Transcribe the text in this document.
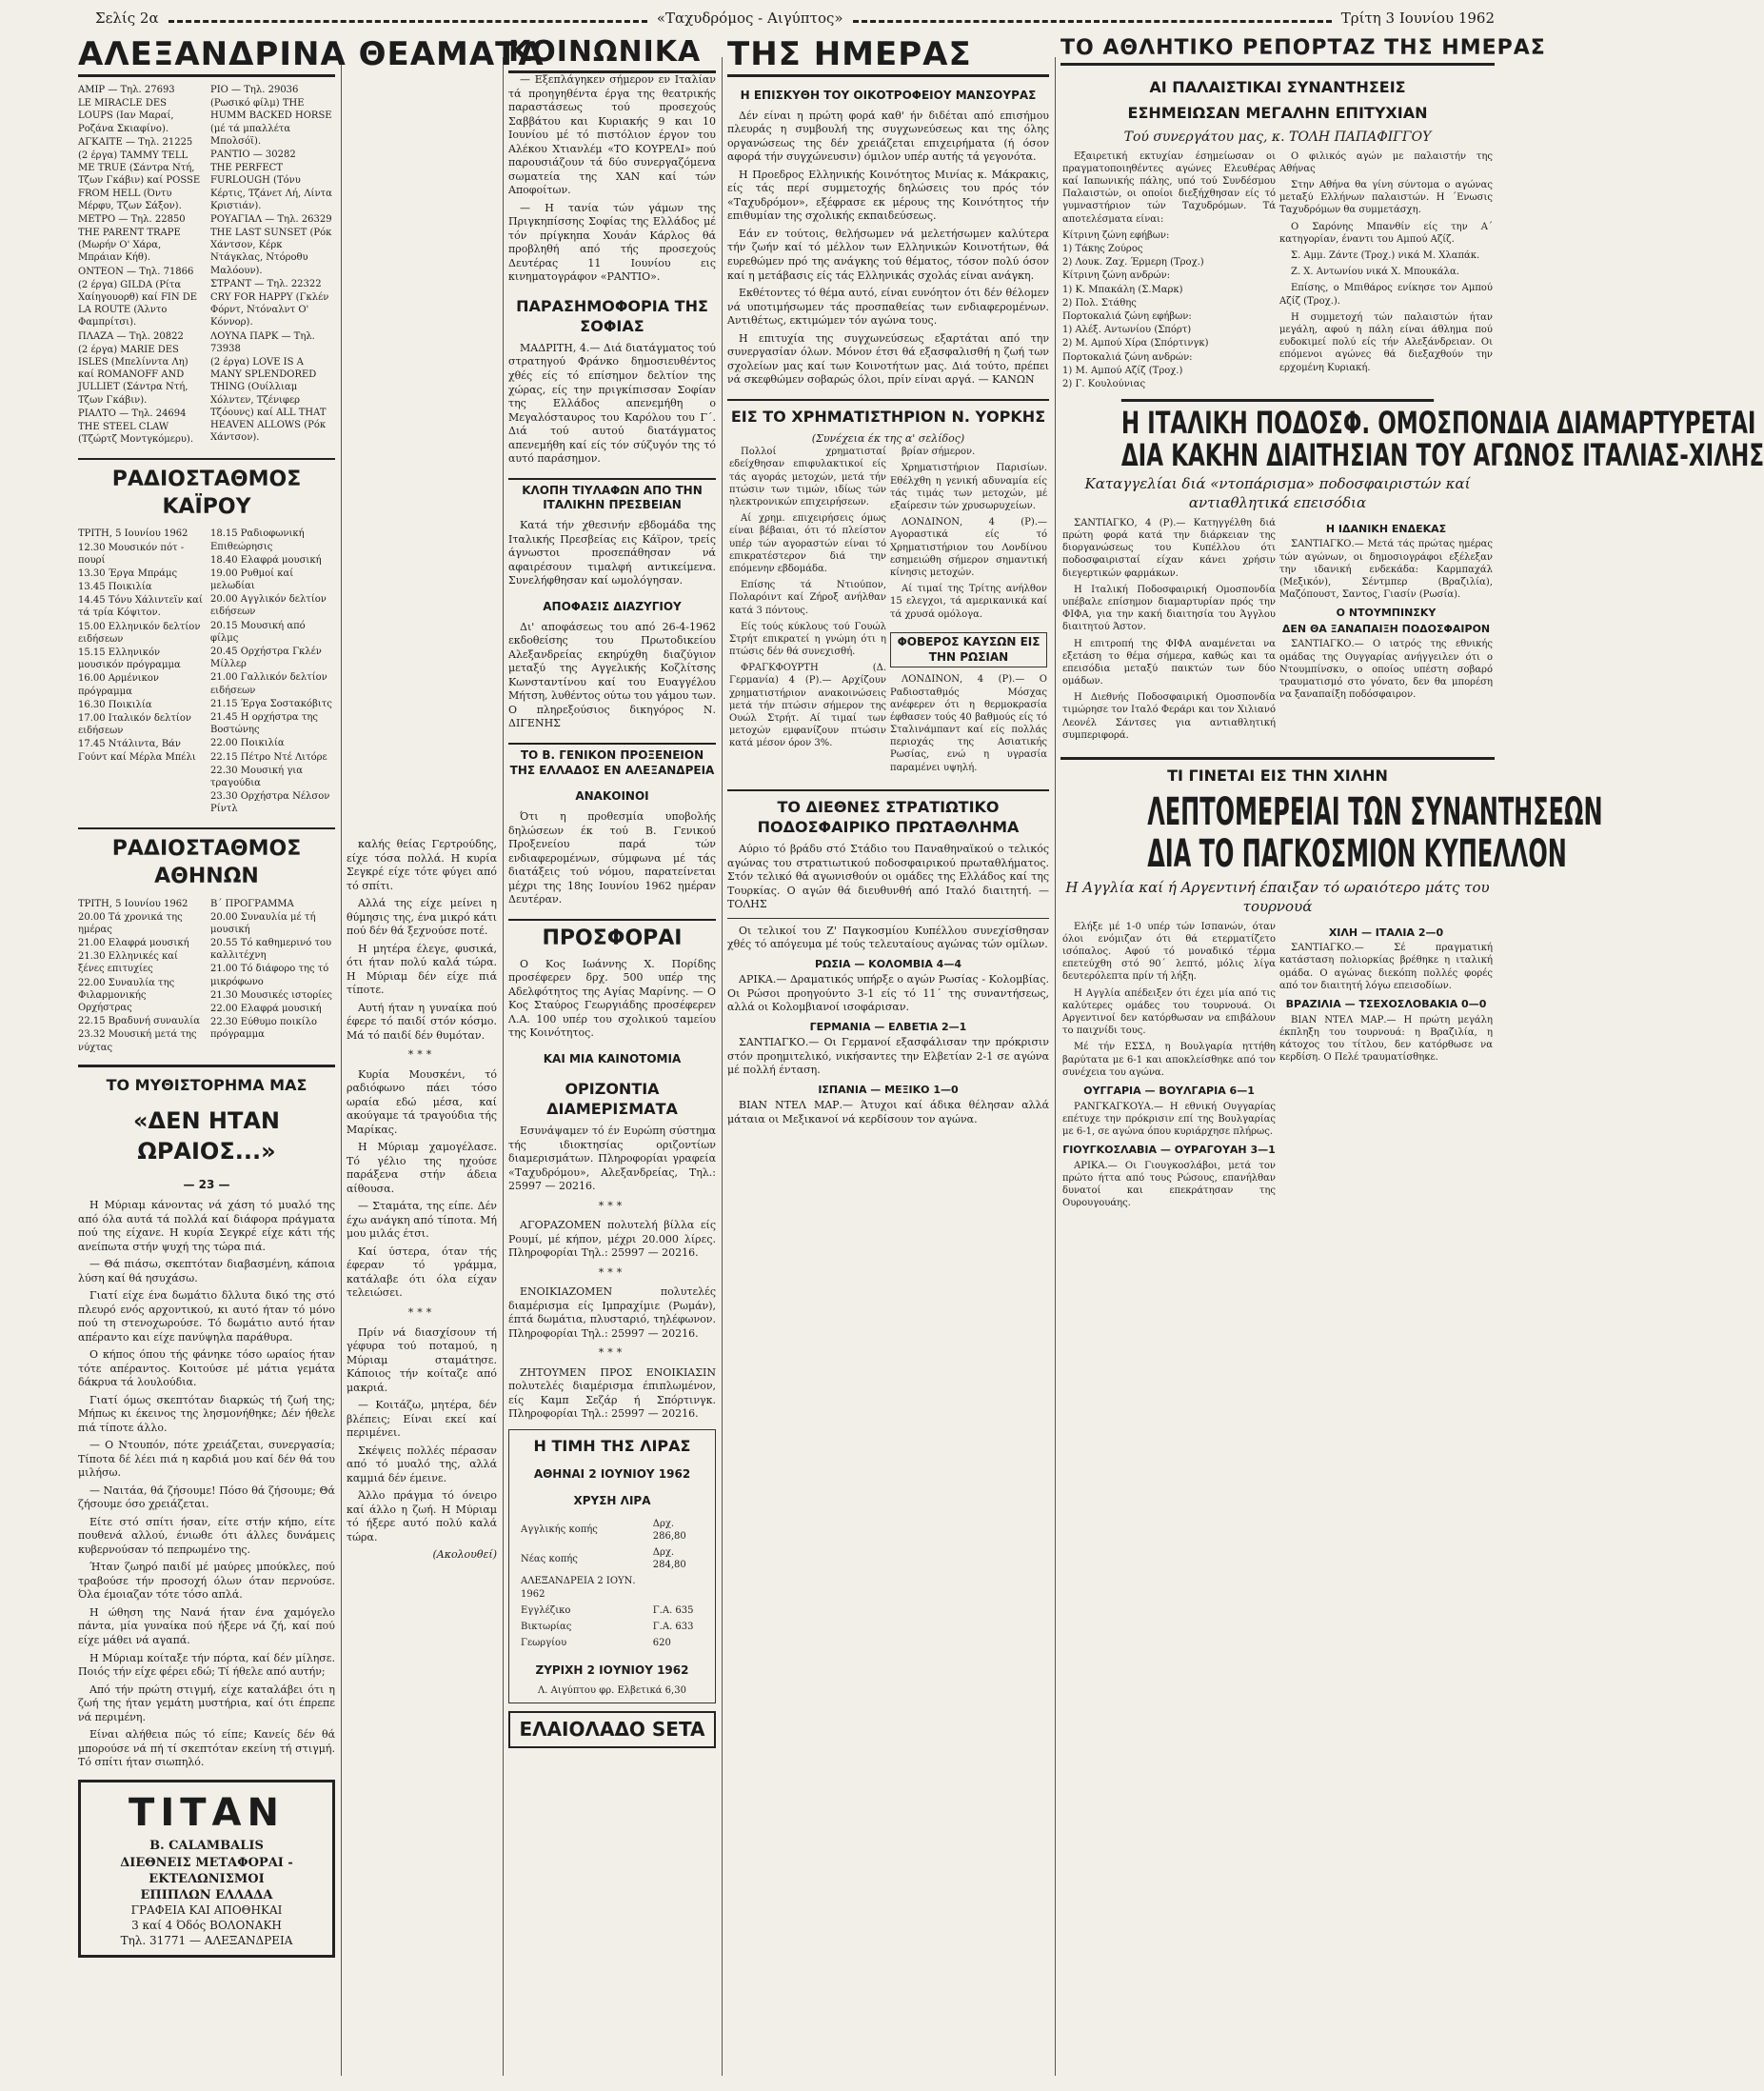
Σελίς 2α	«Ταχυδρόμος - Αιγύπτος»	Τρίτη 3 Ιουνίου 1962
ΑΛΕΞΑΝΔΡΙΝΑ ΘΕΑΜΑΤΑ
AMIP — Τηλ. 27693
LE MIRACLE DES LOUPS (Ιαν Μαραί, Ροζάνα Σκιαφίνο).
ΑΓΚΑΙΤΕ — Τηλ. 21225
(2 έργα) TAMMY TELL ME TRUE (Σάντρα Ντή, Τζων Γκάβιν) καί POSSE FROM HELL (Όντυ Μέρφυ, Τζων Σάξον).
ΜΕΤΡΟ — Τηλ. 22850
THE PARENT TRAPE (Μωρήν Ο' Χάρα, Μπράιαν Κήθ).
ΟΝΤΕΟΝ — Τηλ. 71866
(2 έργα) GILDA (Ρίτα Χαίηγουορθ) καί FIN DE LA ROUTE (Άλντο Φαμπρίτσι).
ΠΛΑΖΑ — Τηλ. 20822
(2 έργα) MARIE DES ISLES (Μπελίνντα Λη) καί ROMANOFF AND JULLIET (Σάντρα Ντή, Τζων Γκάβιν).
ΡΙΑΛΤΟ — Τηλ. 24694
THE STEEL CLAW (Τζώρτζ Μοντγκόμερυ).
ΡΙΟ — Τηλ. 29036
(Ρωσικό φίλμ) THE HUMM BACKED HORSE (μέ τά μπαλλέτα Μπολσόϊ).
ΡΑΝΤΙΟ — 30282
THE PERFECT FURLOUGH (Τόνυ Κέρτις, Τζάνετ Λή, Λίντα Κριστιάν).
ΡΟΥΑΓΙΑΛ — Τηλ. 26329
THE LAST SUNSET (Ρόκ Χάντσον, Κέρκ Ντάγκλας, Ντόροθυ Μαλόουν).
ΣΤΡΑΝΤ — Τηλ. 22322
CRY FOR HAPPY (Γκλέν Φόρντ, Ντόναλντ Ο' Κόννορ).
ΛΟΥΝΑ ΠΑΡΚ — Τηλ. 73938
(2 έργα) LOVE IS A MANY SPLENDORED THING (Ουίλλιαμ Χόλντεν, Τζένιφερ Τζόουνς) καί ALL THAT HEAVEN ALLOWS (Ρόκ Χάντσον).
ΡΑΔΙΟΣΤΑΘΜΟΣ ΚΑΪΡΟΥ
ΤΡΙΤΗ, 5 Ιουνίου 1962
12.30 Μουσικόν πότ - πουρί
13.30 Έργα Μπράμς
13.45 Ποικιλία
14.45 Τόνυ Χάλιντεϊν καί τά τρία Κόψιτον.
15.00 Ελληνικόν δελτίον ειδήσεων
15.15 Ελληνικόν μουσικόν πρόγραμμα
16.00 Αρμένικον πρόγραμμα
16.30 Ποικιλία
17.00 Ιταλικόν δελτίον ειδήσεων
17.45 Ντάλιντα, Βάν Γούντ καί Μέρλα Μπέλι
18.15 Ραδιοφωνική Επιθεώρησις
18.40 Ελαφρά μουσική
19.00 Ρυθμοί καί μελωδίαι
20.00 Αγγλικόν δελτίον ειδήσεων
20.15 Μουσική από φίλμς
20.45 Ορχήστρα Γκλέν Μίλλερ
21.00 Γαλλικόν δελτίον ειδήσεων
21.15 Έργα Σοστακόβιτς
21.45 Η ορχήστρα της Βοστώνης
22.00 Ποικιλία
22.15 Πέτρο Ντέ Λιτόρε
22.30 Μουσική για τραγούδια
23.30 Ορχήστρα Νέλσον Ρίντλ
ΡΑΔΙΟΣΤΑΘΜΟΣ ΑΘΗΝΩΝ
ΤΡΙΤΗ, 5 Ιουνίου 1962
20.00 Τά χρονικά της ημέρας
21.00 Ελαφρά μουσική
21.30 Ελληνικές καί ξένες επιτυχίες
22.00 Συναυλία της Φιλαρμονικής Ορχήστρας
22.15 Βραδυνή συναυλία
23.32 Μουσική μετά της νύχτας
Β΄ ΠΡΟΓΡΑΜΜΑ
20.00 Συναυλία μέ τή μουσική
20.55 Τό καθημερινό του καλλιτέχνη
21.00 Τό διάφορο της τό μικρόφωνο
21.30 Μουσικές ιστορίες
22.00 Ελαφρά μουσική
22.30 Εύθυμο ποικίλο πρόγραμμα
ΤΟ ΜΥΘΙΣΤΟΡΗΜΑ ΜΑΣ
«ΔΕΝ ΗΤΑΝ ΩΡΑΙΟΣ...»
— 23 —

Η Μύριαμ κάνοντας νά χάση τό μυαλό της από όλα αυτά τά πολλά καί διάφορα πράγματα πού της είχανε. Η κυρία Σεγκρέ είχε κάτι τής ανείπωτα στήν ψυχή της τώρα πιά.

— Θά πιάσω, σκεπτόταν διαβασμένη, κάποια λύση καί θά ησυχάσω.

Γιατί είχε ένα δωμάτιο δλλυτα δικό της στό πλευρό ενός αρχοντικού, κι αυτό ήταν τό μόνο πού τη στενοχωρούσε. Τό δωμάτιο αυτό ήταν απέραντο και είχε πανύψηλα παράθυρα.

Ο κήπος όπου τής φάνηκε τόσο ωραίος ήταν τότε απέραντος. Κοιτούσε μέ μάτια γεμάτα δάκρυα τά λουλούδια.

Γιατί όμως σκεπτόταν διαρκώς τή ζωή της; Μήπως κι έκεινος της λησμονήθηκε; Δέν ήθελε πιά τίποτε άλλο.

— Ο Ντουπόν, πότε χρειάζεται, συνεργασία; Τίποτα δέ λέει πιά η καρδιά μου καί δέν θά του μιλήσω.

— Ναιτάα, θά ζήσουμε! Πόσο θά ζήσουμε; Θά ζήσουμε όσο χρειάζεται.

Είτε στό σπίτι ήσαν, είτε στήν κήπο, είτε πουθενά αλλού, ένιωθε ότι άλλες δυνάμεις κυβερνούσαν τό πεπρωμένο της.

Ήταν ζωηρό παιδί μέ μαύρες μπούκλες, πού τραβούσε τήν προσοχή όλων όταν περνούσε. Όλα έμοιαζαν τότε τόσο απλά.

Η ώθηση της Νανά ήταν ένα χαμόγελο πάντα, μία γυναίκα πού ήξερε νά ζή, καί πού είχε μάθει νά αγαπά.

Η Μύριαμ κοίταξε τήν πόρτα, καί δέν μίλησε. Ποιός τήν είχε φέρει εδώ; Τί ήθελε από αυτήν;

Από τήν πρώτη στιγμή, είχε καταλάβει ότι η ζωή της ήταν γεμάτη μυστήρια, καί ότι έπρεπε νά περιμένη.

Είναι αλήθεια πώς τό είπε; Κανείς δέν θά μπορούσε νά πή τί σκεπτόταν εκείνη τή στιγμή. Τό σπίτι ήταν σιωπηλό.

ΤΙΤΑΝ
B. CALAMBALIS
ΔΙΕΘΝΕΙΣ ΜΕΤΑΦΟΡΑΙ - ΕΚΤΕΛΩΝΙΣΜΟΙ
ΕΠΙΠΛΩΝ ΕΛΛΑΔΑ
ΓΡΑΦΕΙΑ ΚΑΙ ΑΠΟΘΗΚΑΙ
3 καί 4 Όδός ΒΟΛΟΝΑΚΗ
Τηλ. 31771 — ΑΛΕΞΑΝΔΡΕΙΑ

καλής θείας Γερτρούδης, είχε τόσα πολλά. Η κυρία Σεγκρέ είχε τότε φύγει από τό σπίτι.

Αλλά της είχε μείνει η θύμησις της, ένα μικρό κάτι πού δέν θά ξεχνούσε ποτέ.

Η μητέρα έλεγε, φυσικά, ότι ήταν πολύ καλά τώρα. Η Μύριαμ δέν είχε πιά τίποτε.

Αυτή ήταν η γυναίκα πού έφερε τό παιδί στόν κόσμο. Μά τό παιδί δέν θυμόταν.

***

Κυρία Μουσκένι, τό ραδιόφωνο πάει τόσο ωραία εδώ μέσα, καί ακούγαμε τά τραγούδια τής Μαρίκας.

Η Μύριαμ χαμογέλασε. Τό γέλιο της ηχούσε παράξενα στήν άδεια αίθουσα.

— Σταμάτα, της είπε. Δέν έχω ανάγκη από τίποτα. Μή μου μιλάς έτσι.

Καί ύστερα, όταν τής έφεραν τό γράμμα, κατάλαβε ότι όλα είχαν τελειώσει.

***

Πρίν νά διασχίσουν τή γέφυρα τού ποταμού, η Μύριαμ σταμάτησε. Κάποιος τήν κοίταζε από μακριά.

— Κοιτάζω, μητέρα, δέν βλέπεις; Είναι εκεί καί περιμένει.

Σκέψεις πολλές πέρασαν από τό μυαλό της, αλλά καμμιά δέν έμεινε.

Άλλο πράγμα τό όνειρο καί άλλο η ζωή. Η Μύριαμ τό ήξερε αυτό πολύ καλά τώρα.

(Ακολουθεί)
ΚΟΙΝΩΝΙΚΑ

— Εξεπλάγηκεν σήμερον εν Ιταλίαν τά προηγηθέντα έργα της θεατρικής παραστάσεως τού προσεχούς Σαββάτου και Κυριακής 9 και 10 Ιουνίου μέ τό πιστόλιον έργον του Αλέκου Χτιανλέμ «ΤΟ ΚΟΥΡΕΛΙ» πού παρουσιάζουν τά δύο συνεργαζόμενα σωματεία της ΧΑΝ καί τών Αποφοίτων.

— Η τανία τών γάμων της Πριγκηπίσσης Σοφίας της Ελλάδος μέ τόν πρίγκηπα Χουάν Κάρλος θά προβληθή από τής προσεχούς Δευτέρας 11 Ιουνίου εις κινηματογράφον «ΡΑΝΤΙΟ».

ΠΑΡΑΣΗΜΟΦΟΡΙΑ ΤΗΣ ΣΟΦΙΑΣ

ΜΑΔΡΙΤΗ, 4.— Διά διατάγματος τού στρατηγού Φράνκο δημοσιευθέντος χθές είς τό επίσημον δελτίον της χώρας, είς την πριγκίπισσαν Σοφίαν της Ελλάδος απενεμήθη ο Μεγαλόσταυρος του Καρόλου του Γ΄. Διά τού αυτού διατάγματος απενεμήθη καί είς τόν σύζυγόν της τό αυτό παράσημον.

ΚΛΟΠΗ ΤΙΥΛΑΦΩΝ ΑΠΟ ΤΗΝ ΙΤΑΛΙΚΗΝ ΠΡΕΣΒΕΙΑΝ

Κατά τήν χθεσινήν εβδομάδα της Ιταλικής Πρεσβείας εις Κάϊρον, τρείς άγνωστοι προσεπάθησαν νά αφαιρέσουν τιμαλφή αντικείμενα. Συνελήφθησαν καί ωμολόγησαν.

ΑΠΟΦΑΣΙΣ ΔΙΑΖΥΓΙΟΥ

Δι' αποφάσεως του από 26-4-1962 εκδοθείσης του Πρωτοδικείου Αλεξανδρείας εκηρύχθη διαζύγιον μεταξύ της Αγγελικής Κοζλίτσης Κωνσταντίνου καί του Ευαγγέλου Μήτση, λυθέντος ούτω του γάμου των. Ο πληρεξούσιος δικηγόρος Ν. ΔΙΓΕΝΗΣ

ΤΟ Β. ΓΕΝΙΚΟΝ ΠΡΟΞΕΝΕΙΟΝ ΤΗΣ ΕΛΛΑΔΟΣ ΕΝ ΑΛΕΞΑΝΔΡΕΙΑ
ΑΝΑΚΟΙΝΟΙ

Ότι η προθεσμία υποβολής δηλώσεων έκ τού Β. Γενικού Προξενείου παρά τών ενδιαφερομένων, σύμφωνα μέ τάς διατάξεις τού νόμου, παρατείνεται μέχρι της 18ης Ιουνίου 1962 ημέραν Δευτέραν.

ΠΡΟΣΦΟΡΑΙ

Ο Κος Ιωάννης Χ. Πορίδης προσέφερεν δρχ. 500 υπέρ της Αδελφότητος της Αγίας Μαρίνης. — Ο Κος Σταύρος Γεωργιάδης προσέφερεν Λ.Α. 100 υπέρ του σχολικού ταμείου της Κοινότητος.

ΚΑΙ ΜΙΑ ΚΑΙΝΟΤΟΜΙΑ
ΟΡΙΖΟΝΤΙΑ ΔΙΑΜΕΡΙΣΜΑΤΑ

Εσυνάψαμεν τό έν Ευρώπη σύστημα τής ιδιοκτησίας οριζοντίων διαμερισμάτων. Πληροφορίαι γραφεία «Ταχυδρόμου», Αλεξανδρείας, Τηλ.: 25997 — 20216.

***

ΑΓΟΡΑΖΟΜΕΝ πολυτελή βίλλα είς Ρουμί, μέ κήπον, μέχρι 20.000 λίρες. Πληροφορίαι Τηλ.: 25997 — 20216.

***

ΕΝΟΙΚΙΑΖΟΜΕΝ πολυτελές διαμέρισμα είς Ιμπραχίμιε (Ρωμάν), έπτά δωμάτια, πλυσταριό, τηλέφωνον. Πληροφορίαι Τηλ.: 25997 — 20216.

***

ΖΗΤΟΥΜΕΝ ΠΡΟΣ ΕΝΟΙΚΙΑΣΙΝ πολυτελές διαμέρισμα έπιπλωμένον, είς Καμπ Σεζάρ ή Σπόρτινγκ. Πληροφορίαι Τηλ.: 25997 — 20216.

Η ΤΙΜΗ ΤΗΣ ΛΙΡΑΣ
ΑΘΗΝΑΙ 2 ΙΟΥΝΙΟΥ 1962
ΧΡΥΣΗ ΛΙΡΑ
Αγγλικής κοπής	Δρχ. 286,80
Νέας κοπής	Δρχ. 284,80
ΑΛΕΞΑΝΔΡΕΙΑ 2 ΙΟΥΝ. 1962	
Εγγλέζικο	Γ.Α. 635
Βικτωρίας	Γ.Α. 633
Γεωργίου	620
ΖΥΡΙΧΗ 2 ΙΟΥΝΙΟΥ 1962
Λ. Αιγύπτου φρ. Ελβετικά 6,30
ΕΛΑΙΟΛΑΔΟ SETA
ΤΗΣ ΗΜΕΡΑΣ
Η ΕΠΙΣΚΥΘΗ ΤΟΥ ΟΙΚΟΤΡΟΦΕΙΟΥ ΜΑΝΣΟΥΡΑΣ

Δέν είναι η πρώτη φορά καθ' ήν διδέται από επισήμου πλευράς η συμβουλή της συγχωνεύσεως και της όλης οργανώσεως της δέν χρειάζεται επιχειρήματα (ή όσον αφορά τήν συγχώνευσιν) όμιλον υπέρ αυτής τά γεγονότα.

Η Προεδρος Ελληνικής Κοινότητος Μινίας κ. Μάκρακις, είς τάς περί συμμετοχής δηλώσεις του πρός τόν «Ταχυδρόμον», εξέφρασε εκ μέρους της Κοινότητος τήν επιθυμίαν της σχολικής εκπαιδεύσεως.

Εάν εν τούτοις, θελήσωμεν νά μελετήσωμεν καλύτερα τήν ζωήν καί τό μέλλον των Ελληνικών Κοινοτήτων, θά ευρεθώμεν πρό της ανάγκης τού θέματος, τόσον πολύ όσον καί η μετάβασις είς τάς Ελληνικάς σχολάς είναι ανάγκη.

Εκθέτοντες τό θέμα αυτό, είναι ευνόητον ότι δέν θέλομεν νά υποτιμήσωμεν τάς προσπαθείας των ενδιαφερομένων. Αντιθέτως, εκτιμώμεν τόν αγώνα τους.

Η επιτυχία της συγχωνεύσεως εξαρτάται από την συνεργασίαν όλων. Μόνον έτσι θά εξασφαλισθή η ζωή των σχολείων μας καί των Κοινοτήτων μας. Διά τούτο, πρέπει νά σκεφθώμεν σοβαρώς όλοι, πρίν είναι αργά. — ΚΑΝΩΝ

ΕΙΣ ΤΟ ΧΡΗΜΑΤΙΣΤΗΡΙΟΝ Ν. ΥΟΡΚΗΣ
(Συνέχεια έκ της α' σελίδος)

Πολλοί χρηματισταί εδείχθησαν επιφυλακτικοί είς τάς αγοράς μετοχών, μετά τήν πτώσιν των τιμών, ιδίως τών ηλεκτρονικών επιχειρήσεων.

Αί χρημ. επιχειρήσεις όμως είναι βέβαιαι, ότι τό πλείστον υπέρ τών αγοραστών είναι τό επικρατέστερον διά την επόμενην εβδομάδα.

Επίσης τά Ντιούπον, Πολαρόιντ καί Ζήροξ ανήλθαν κατά 3 πόντους.

Είς τούς κύκλους τού Γουώλ Στρήτ επικρατεί η γνώμη ότι η πτώσις δέν θά συνεχισθή.

ΦΡΑΓΚΦΟΥΡΤΗ (Δ. Γερμανία) 4 (Ρ).— Αρχίζουν χρηματιστήριον ανακοινώσεις μετά τήν πτώσιν σήμερον της Ουώλ Στρήτ. Αί τιμαί των μετοχών εμφανίζουν πτώσιν κατά μέσον όρον 3%.

βρίαν σήμερον.

Χρηματιστήριον Παρισίων. Εθέλχθη η γενική αδυναμία είς τάς τιμάς των μετοχών, μέ εξαίρεσιν τών χρυσωρυχείων.

ΛΟΝΔΙΝΟΝ, 4 (Ρ).— Αγοραστικά είς τό Χρηματιστήριον του Λονδίνου εσημειώθη σήμερον σημαντική κίνησις μετοχών.

Αί τιμαί της Τρίτης ανήλθον 15 ελεγχοι, τά αμερικανικά καί τά χρυσά ομόλογα.

ΦΟΒΕΡΟΣ ΚΑΥΣΩΝ ΕΙΣ ΤΗΝ ΡΩΣΙΑΝ

ΛΟΝΔΙΝΟΝ, 4 (Ρ).— Ο Ραδιοσταθμός Μόσχας ανέφερεν ότι η θερμοκρασία έφθασεν τούς 40 βαθμούς είς τό Σταλινάμπαντ καί είς πολλάς περιοχάς της Ασιατικής Ρωσίας, ενώ η υγρασία παραμένει υψηλή.

ΤΟ ΔΙΕΘΝΕΣ ΣΤΡΑΤΙΩΤΙΚΟ ΠΟΔΟΣΦΑΙΡΙΚΟ ΠΡΩΤΑΘΛΗΜΑ

Αύριο τό βράδυ στό Στάδιο του Παναθηναϊκού ο τελικός αγώνας του στρατιωτικού ποδοσφαιρικού πρωταθλήματος. Στόν τελικό θά αγωνισθούν οι ομάδες της Ελλάδος καί της Τουρκίας. Ο αγών θά διευθυνθή από Ιταλό διαιτητή. — ΤΟΛΗΣ

Οι τελικοί του Ζ' Παγκοσμίου Κυπέλλου συνεχίσθησαν χθές τό απόγευμα μέ τούς τελευταίους αγώνας τών ομίλων.

ΡΩΣΙΑ — ΚΟΛΟΜΒΙΑ 4—4

ΑΡΙΚΑ.— Δραματικός υπήρξε ο αγών Ρωσίας - Κολομβίας. Οι Ρώσοι προηγούντο 3-1 είς τό 11΄ της συναντήσεως, αλλά οι Κολομβιανοί ισοφάρισαν.

ΓΕΡΜΑΝΙΑ — ΕΛΒΕΤΙΑ 2—1

ΣΑΝΤΙΑΓΚΟ.— Οι Γερμανοί εξασφάλισαν την πρόκρισιν στόν προημιτελικό, νικήσαντες την Ελβετίαν 2-1 σε αγώνα μέ πολλή ένταση.

ΙΣΠΑΝΙΑ — ΜΕΞΙΚΟ 1—0

ΒΙΑΝ ΝΤΕΛ ΜΑΡ.— Άτυχοι καί άδικα θέλησαν αλλά μάταια οι Μεξικανοί νά κερδίσουν τον αγώνα.

ΤΟ ΑΘΛΗΤΙΚΟ ΡΕΠΟΡΤΑΖ ΤΗΣ ΗΜΕΡΑΣ
ΑΙ ΠΑΛΑΙΣΤΙΚΑΙ ΣΥΝΑΝΤΗΣΕΙΣ
ΕΣΗΜΕΙΩΣΑΝ ΜΕΓΑΛΗΝ ΕΠΙΤΥΧΙΑΝ
Τού συνεργάτου μας, κ. ΤΟΛΗ ΠΑΠΑΦΙΓΓΟΥ

Εξαιρετική εκτυχίαν έσημείωσαν οι πραγματοποιηθέντες αγώνες Ελευθέρας καί Ιαπωνικής πάλης, υπό τού Συνδέσμου Παλαιστών, οι οποίοι διεξήχθησαν είς τό γυμναστήριον τών Ταχυδρόμων. Τά αποτελέσματα είναι:

Κίτρινη ζώνη εφήβων:
1) Τάκης Ζούρος
2) Λουκ. Ζαχ. Έρμερη (Τροχ.)
Κίτρινη ζώνη ανδρών:
1) Κ. Μπακάλη (Σ.Μαρκ)
2) Πολ. Στάθης
Πορτοκαλιά ζώνη εφήβων:
1) Αλέξ. Αντωνίου (Σπόρτ)
2) Μ. Αμπού Χίρα (Σπόρτινγκ)
Πορτοκαλιά ζώνη ανδρών:
1) Μ. Αμπού Αζίζ (Τροχ.)
2) Γ. Κουλούνιας

Ο φιλικός αγών με παλαιστήν της Αθήνας

Στην Αθήνα θα γίνη σύντομα ο αγώνας μεταξύ Ελλήνων παλαιστών. Η ΄Ενωσις Ταχυδρόμων θα συμμετάσχη.

Ο Σαρόνης Μπανθίν είς την Α΄ κατηγορίαν, έναντι του Αμπού Αζίζ.

Σ. Αμμ. Ζάντε (Τροχ.) νικά Μ. Χλαπάκ.

Ζ. Χ. Αντωνίου νικά Χ. Μπουκάλα.

Επίσης, ο Μπιθάρος ενίκησε τον Αμπού Αζίζ (Τροχ.).

Η συμμετοχή τών παλαιστών ήταν μεγάλη, αφού η πάλη είναι άθλημα πού ευδοκιμεί πολύ είς τήν Αλεξάνδρειαν. Οι επόμενοι αγώνες θά διεξαχθούν την ερχομένη Κυριακή.

Η ΙΤΑΛΙΚΗ ΠΟΔΟΣΦ. ΟΜΟΣΠΟΝΔΙΑ ΔΙΑΜΑΡΤΥΡΕΤΑΙ
ΔΙΑ ΚΑΚΗΝ ΔΙΑΙΤΗΣΙΑΝ ΤΟΥ ΑΓΩΝΟΣ ΙΤΑΛΙΑΣ-ΧΙΛΗΣ
Καταγγελίαι διά «ντοπάρισμα» ποδοσφαιριστών καί αντιαθλητικά επεισόδια

ΣΑΝΤΙΑΓΚΟ, 4 (Ρ).— Κατηγγέλθη διά πρώτη φορά κατά την διάρκειαν της διοργανώσεως του Κυπέλλου ότι ποδοσφαιρισταί είχαν κάνει χρήσιν διεγερτικών φαρμάκων.

Η Ιταλική Ποδοσφαιρική Ομοσπονδία υπέβαλε επίσημον διαμαρτυρίαν πρός την ΦΙΦΑ, για την κακή διαιτησία του Άγγλου διαιτητού Άστον.

Η επιτροπή της ΦΙΦΑ αναμένεται να εξετάση το θέμα σήμερα, καθώς και τα επεισόδια μεταξύ παικτών των δύο ομάδων.

Η Διεθνής Ποδοσφαιρική Ομοσπονδία τιμώρησε τον Ιταλό Φεράρι και τον Χιλιανό Λεονέλ Σάντσες για αντιαθλητική συμπεριφορά.

Η ΙΔΑΝΙΚΗ ΕΝΔΕΚΑΣ

ΣΑΝΤΙΑΓΚΟ.— Μετά τάς πρώτας ημέρας τών αγώνων, οι δημοσιογράφοι εξέλεξαν την ιδανική ενδεκάδα: Καρμπαχάλ (Μεξικόν), Σέντμπερ (Βραζιλία), Μαζόπουστ, Σαντος, Γιασίν (Ρωσία).

Ο ΝΤΟΥΜΠΙΝΣΚΥ
ΔΕΝ ΘΑ ΞΑΝΑΠΑΙΞΗ ΠΟΔΟΣΦΑΙΡΟΝ

ΣΑΝΤΙΑΓΚΟ.— Ο ιατρός της εθνικής ομάδας της Ουγγαρίας ανήγγειλεν ότι ο Ντουμπίνσκυ, ο οποίος υπέστη σοβαρό τραυματισμό στο γόνατο, δεν θα μπορέση να ξαναπαίξη ποδόσφαιρον.

ΤΙ ΓΙΝΕΤΑΙ ΕΙΣ ΤΗΝ ΧΙΛΗΝ
ΛΕΠΤΟΜΕΡΕΙΑΙ ΤΩΝ ΣΥΝΑΝΤΗΣΕΩΝ
ΔΙΑ ΤΟ ΠΑΓΚΟΣΜΙΟΝ ΚΥΠΕΛΛΟΝ
Η Αγγλία καί ή Αργεντινή έπαιξαν τό ωραιότερο μάτς του τουρνουά

Ελήξε μέ 1-0 υπέρ τών Ισπανών, όταν όλοι ενόμιζαν ότι θά ετερματίζετο ισόπαλος. Αφού τό μοναδικό τέρμα επετεύχθη στό 90΄ λεπτό, μόλις λίγα δευτερόλεπτα πρίν τή λήξη.

Η Αγγλία απέδειξεν ότι έχει μία από τις καλύτερες ομάδες του τουρνουά. Οι Αργεντινοί δεν κατόρθωσαν να επιβάλουν το παιχνίδι τους.

Μέ τήν ΕΣΣΔ, η Βουλγαρία ηττήθη βαρύτατα με 6-1 και αποκλείσθηκε από τον συνέχεια του αγώνα.

ΟΥΓΓΑΡΙΑ — ΒΟΥΛΓΑΡΙΑ 6—1

ΡΑΝΓΚΑΓΚΟΥΑ.— Η εθνική Ουγγαρίας επέτυχε την πρόκρισιν επί της Βουλγαρίας με 6-1, σε αγώνα όπου κυριάρχησε πλήρως.

ΓΙΟΥΓΚΟΣΛΑΒΙΑ — ΟΥΡΑΓΟΥΑΗ 3—1

ΑΡΙΚΑ.— Οι Γιουγκοσλάβοι, μετά τον πρώτο ήττα από τους Ρώσους, επανήλθαν δυνατοί και επεκράτησαν της Ουρουγουάης.

ΧΙΛΗ — ΙΤΑΛΙΑ 2—0

ΣΑΝΤΙΑΓΚΟ.— Σέ πραγματική κατάσταση πολιορκίας βρέθηκε η ιταλική ομάδα. Ο αγώνας διεκόπη πολλές φορές από τον διαιτητή λόγω επεισοδίων.

ΒΡΑΖΙΛΙΑ — ΤΣΕΧΟΣΛΟΒΑΚΙΑ 0—0

ΒΙΑΝ ΝΤΕΛ ΜΑΡ.— Η πρώτη μεγάλη έκπληξη του τουρνουά: η Βραζιλία, η κάτοχος του τίτλου, δεν κατόρθωσε να κερδίση. Ο Πελέ τραυματίσθηκε.
